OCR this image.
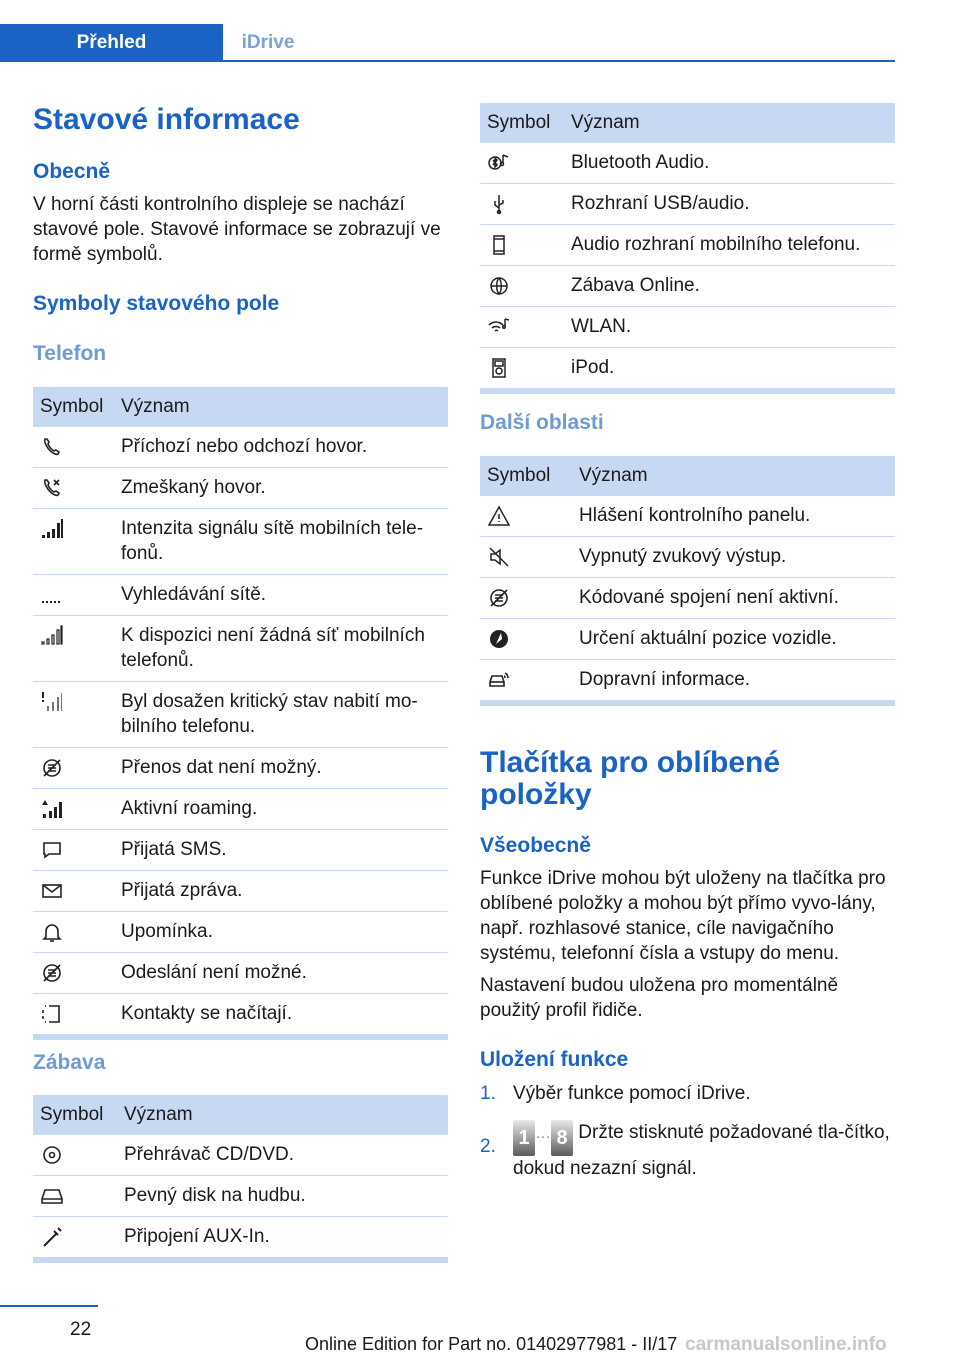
Přehled	iDrive
Stavové informace
Obecně
V horní části kontrolního displeje se nachází stavové pole. Stavové informace se zobrazují ve formě symbolů.
Symboly stavového pole
Telefon
Symbol Význam
Příchozí nebo odchozí hovor.
Zmeškaný hovor.
Intenzita signálu sítě mobilních tele-fonů.
Vyhledávání sítě.
K dispozici není žádná síť mobilních telefonů.
Byl dosažen kritický stav nabití mo-bilního telefonu.
Přenos dat není možný.
Aktivní roaming.
Přijatá SMS.
Přijatá zpráva.
Upomínka.
Odeslání není možné.
Kontakty se načítají.
Zábava
Symbol	Význam
Přehrávač CD/DVD.
Pevný disk na hudbu.
Připojení AUX-In.
Symbol	Význam
Bluetooth Audio.
Rozhraní USB/audio.
Audio rozhraní mobilního telefonu.
Zábava Online.
WLAN.
iPod.
Další oblasti
Symbol	Význam
Hlášení kontrolního panelu.
Vypnutý zvukový výstup.
Kódované spojení není aktivní.
Určení aktuální pozice vozidle.
Dopravní informace.
Tlačítka pro oblíbené položky
Všeobecně
Funkce iDrive mohou být uloženy na tlačítka pro oblíbené položky a mohou být přímo vyvo-lány, např. rozhlasové stanice, cíle navigačního systému, telefonní čísla a vstupy do menu.
Nastavení budou uložena pro momentálně použitý profil řidiče.
Uložení funkce
1. Výběr funkce pomocí iDrive.
2. 1 … 8 Držte stisknuté požadované tla-čítko, dokud nezazní signál.
22
Online Edition for Part no. 01402977981 - II/17 carmanualsonline.info
